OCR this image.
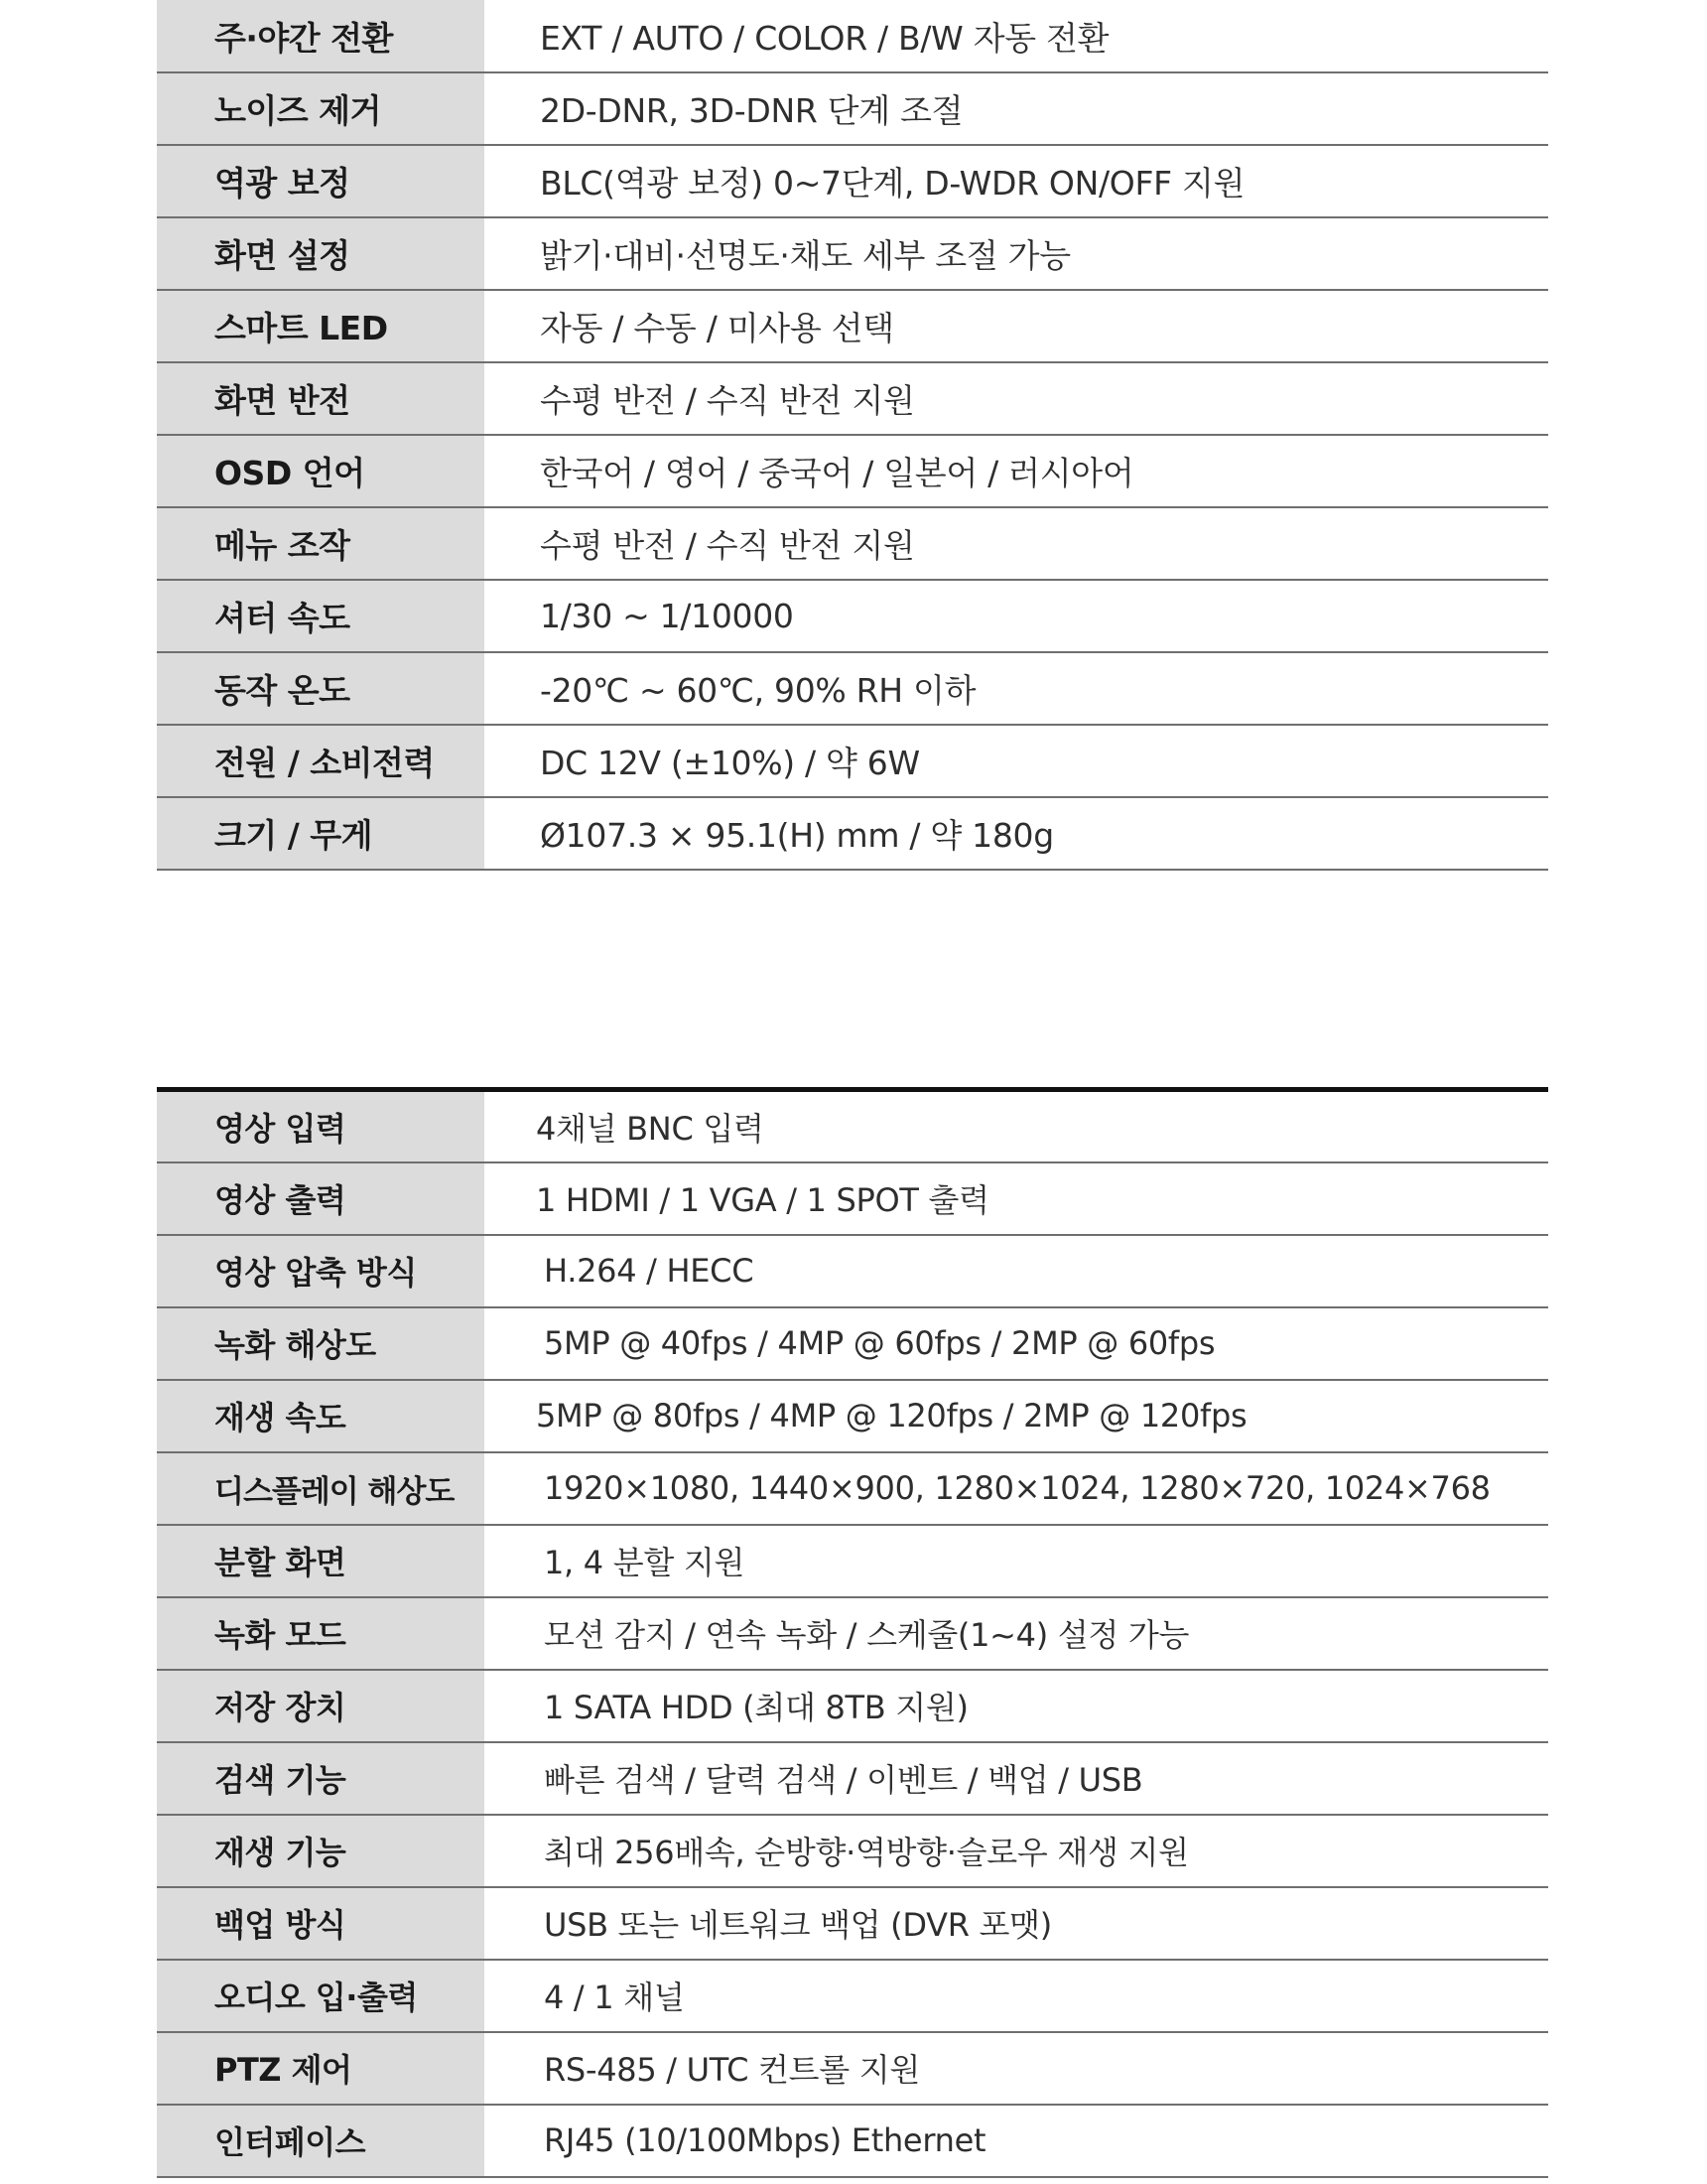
주·야간 전환	EXT / AUTO / COLOR / B/W 자동 전환
노이즈 제거	2D-DNR, 3D-DNR 단계 조절
역광 보정	BLC(역광 보정) 0~7단계, D-WDR ON/OFF 지원
화면 설정	밝기·대비·선명도·채도 세부 조절 가능
스마트 LED	자동 / 수동 / 미사용 선택
화면 반전	수평 반전 / 수직 반전 지원
OSD 언어	한국어 / 영어 / 중국어 / 일본어 / 러시아어
메뉴 조작	수평 반전 / 수직 반전 지원
셔터 속도	1/30 ~ 1/10000
동작 온도	-20℃ ~ 60℃, 90% RH 이하
전원 / 소비전력	DC 12V (±10%) / 약 6W
크기 / 무게	Ø107.3 × 95.1(H) mm / 약 180g
영상 입력	4채널 BNC 입력
영상 출력	1 HDMI / 1 VGA / 1 SPOT 출력
영상 압축 방식	H.264 / HECC
녹화 해상도	5MP @ 40fps / 4MP @ 60fps / 2MP @ 60fps
재생 속도	5MP @ 80fps / 4MP @ 120fps / 2MP @ 120fps
디스플레이 해상도	1920×1080, 1440×900, 1280×1024, 1280×720, 1024×768
분할 화면	1, 4 분할 지원
녹화 모드	모션 감지 / 연속 녹화 / 스케줄(1~4) 설정 가능
저장 장치	1 SATA HDD (최대 8TB 지원)
검색 기능	빠른 검색 / 달력 검색 / 이벤트 / 백업 / USB
재생 기능	최대 256배속, 순방향·역방향·슬로우 재생 지원
백업 방식	USB 또는 네트워크 백업 (DVR 포맷)
오디오 입·출력	4 / 1 채널
PTZ 제어	RS-485 / UTC 컨트롤 지원
인터페이스	RJ45 (10/100Mbps) Ethernet
